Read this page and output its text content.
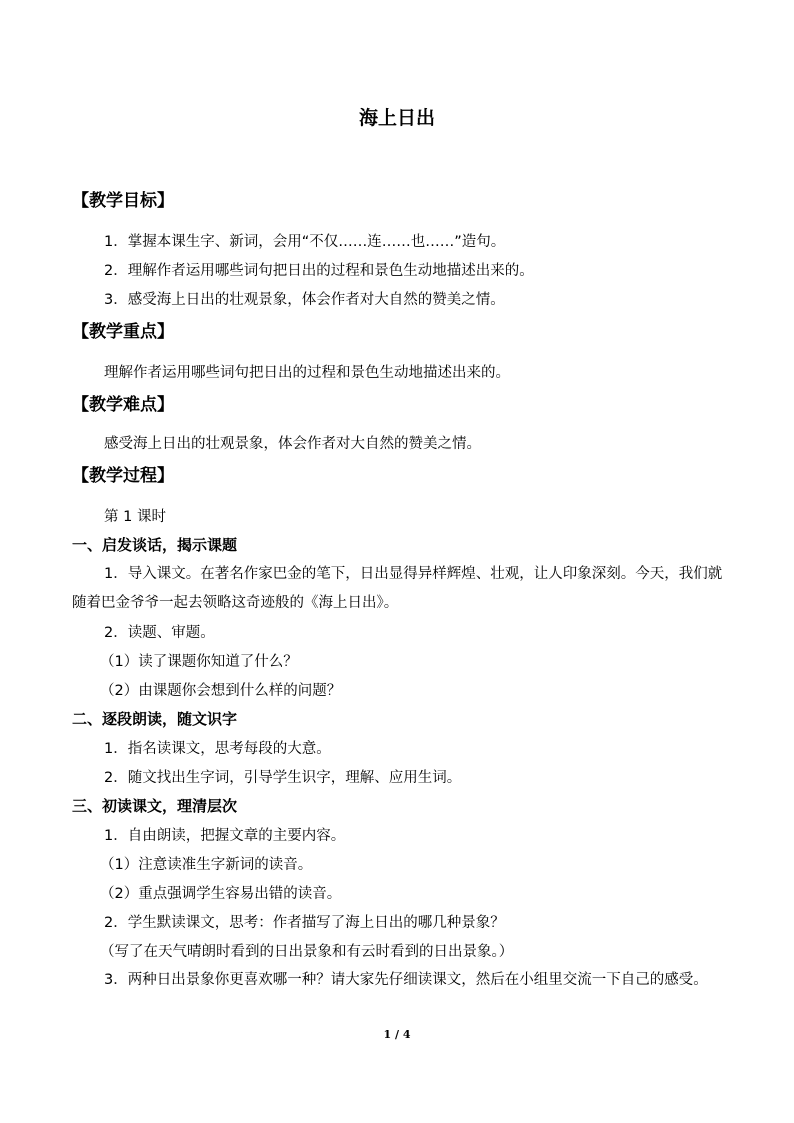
海上日出
【教学目标】
1．掌握本课生字、新词，会用“不仅……连……也……”造句。
2．理解作者运用哪些词句把日出的过程和景色生动地描述出来的。
3．感受海上日出的壮观景象，体会作者对大自然的赞美之情。
【教学重点】
理解作者运用哪些词句把日出的过程和景色生动地描述出来的。
【教学难点】
感受海上日出的壮观景象，体会作者对大自然的赞美之情。
【教学过程】
第 1 课时
一、启发谈话，揭示课题
1．导入课文。在著名作家巴金的笔下，日出显得异样辉煌、壮观，让人印象深刻。今天，我们就随着巴金爷爷一起去领略这奇迹般的《海上日出》。
2．读题、审题。
（1）读了课题你知道了什么？
（2）由课题你会想到什么样的问题？
二、逐段朗读，随文识字
1．指名读课文，思考每段的大意。
2．随文找出生字词，引导学生识字，理解、应用生词。
三、初读课文，理清层次
1．自由朗读，把握文章的主要内容。
（1）注意读准生字新词的读音。
（2）重点强调学生容易出错的读音。
2．学生默读课文，思考：作者描写了海上日出的哪几种景象？
（写了在天气晴朗时看到的日出景象和有云时看到的日出景象。）
3．两种日出景象你更喜欢哪一种？请大家先仔细读课文，然后在小组里交流一下自己的感受。
1 / 4
